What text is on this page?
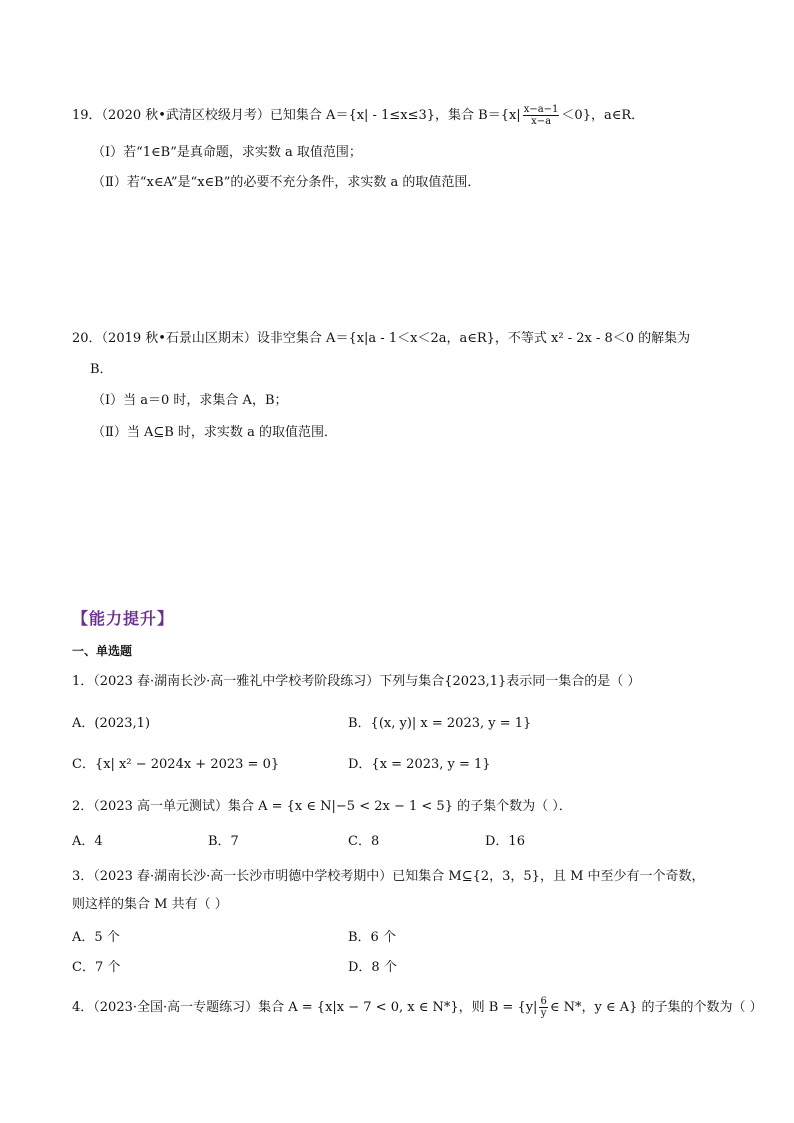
19．（2020 秋•武清区校级月考）已知集合 A＝{x| - 1≤x≤3}，集合 $B=\{x| \frac{x-a-1}{x-a} <0\}$，a∈R．
（Ⅰ）若“1∈B”是真命题，求实数 a 取值范围；
（Ⅱ）若“x∈A”是“x∈B”的必要不充分条件，求实数 a 的取值范围．
20．（2019 秋•石景山区期末）设非空集合 A＝{x|a - 1＜x＜2a，a∈R}，不等式 x² - 2x - 8＜0 的解集为
B．
（Ⅰ）当 a＝0 时，求集合 A，B；
（Ⅱ）当 A⊆B 时，求实数 a 的取值范围．
【能力提升】
一、单选题
1．（2023 春·湖南长沙·高一雅礼中学校考阶段练习）下列与集合{2023,1}表示同一集合的是（ ）
A．(2023,1)	B．{(x, y)| x = 2023, y = 1}
C．{x| x² − 2024x + 2023 = 0}	D．{x = 2023, y = 1}
2．（2023 高一单元测试）集合 A = {x ∈ N|−5 < 2x − 1 < 5} 的子集个数为（ ）．
A．4	B．7	C．8	D．16
3．（2023 春·湖南长沙·高一长沙市明德中学校考期中）已知集合 M⊆{2，3，5}，且 M 中至少有一个奇数，
则这样的集合 M 共有（ ）
A．5 个	B．6 个
C．7 个	D．8 个
4．（2023·全国·高一专题练习）集合 A = {x|x − 7 < 0, x ∈ N*}，则 $B = \{y| \frac{6}{y}$ ∈ N*，y ∈ A} 的子集的个数为（ ）
